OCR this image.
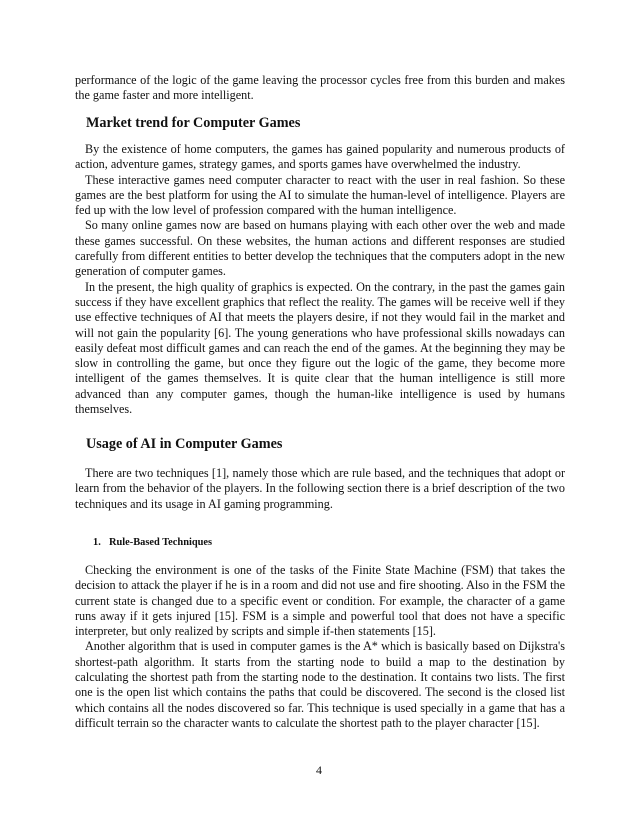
performance of the logic of the game leaving the processor cycles free from this burden and makes the game faster and more intelligent.

Market trend for Computer Games

By the existence of home computers, the games has gained popularity and numerous products of action, adventure games, strategy games, and sports games have overwhelmed the industry.

These interactive games need computer character to react with the user in real fashion. So these games are the best platform for using the AI to simulate the human-level of intelligence. Players are fed up with the low level of profession compared with the human intelligence.

So many online games now are based on humans playing with each other over the web and made these games successful. On these websites, the human actions and different responses are studied carefully from different entities to better develop the techniques that the computers adopt in the new generation of computer games.

In the present, the high quality of graphics is expected. On the contrary, in the past the games gain success if they have excellent graphics that reflect the reality. The games will be receive well if they use effective techniques of AI that meets the players desire, if not they would fail in the market and will not gain the popularity [6]. The young generations who have professional skills nowadays can easily defeat most difficult games and can reach the end of the games. At the beginning they may be slow in controlling the game, but once they figure out the logic of the game, they become more intelligent of the games themselves. It is quite clear that the human intelligence is still more advanced than any computer games, though the human-like intelligence is used by humans themselves.

Usage of AI in Computer Games

There are two techniques [1], namely those which are rule based, and the techniques that adopt or learn from the behavior of the players. In the following section there is a brief description of the two techniques and its usage in AI gaming programming.

1. Rule-Based Techniques

Checking the environment is one of the tasks of the Finite State Machine (FSM) that takes the decision to attack the player if he is in a room and did not use and fire shooting. Also in the FSM the current state is changed due to a specific event or condition. For example, the character of a game runs away if it gets injured [15]. FSM is a simple and powerful tool that does not have a specific interpreter, but only realized by scripts and simple if-then statements [15].

Another algorithm that is used in computer games is the A* which is basically based on Dijkstra's shortest-path algorithm. It starts from the starting node to build a map to the destination by calculating the shortest path from the starting node to the destination. It contains two lists. The first one is the open list which contains the paths that could be discovered. The second is the closed list which contains all the nodes discovered so far. This technique is used specially in a game that has a difficult terrain so the character wants to calculate the shortest path to the player character [15].

4
